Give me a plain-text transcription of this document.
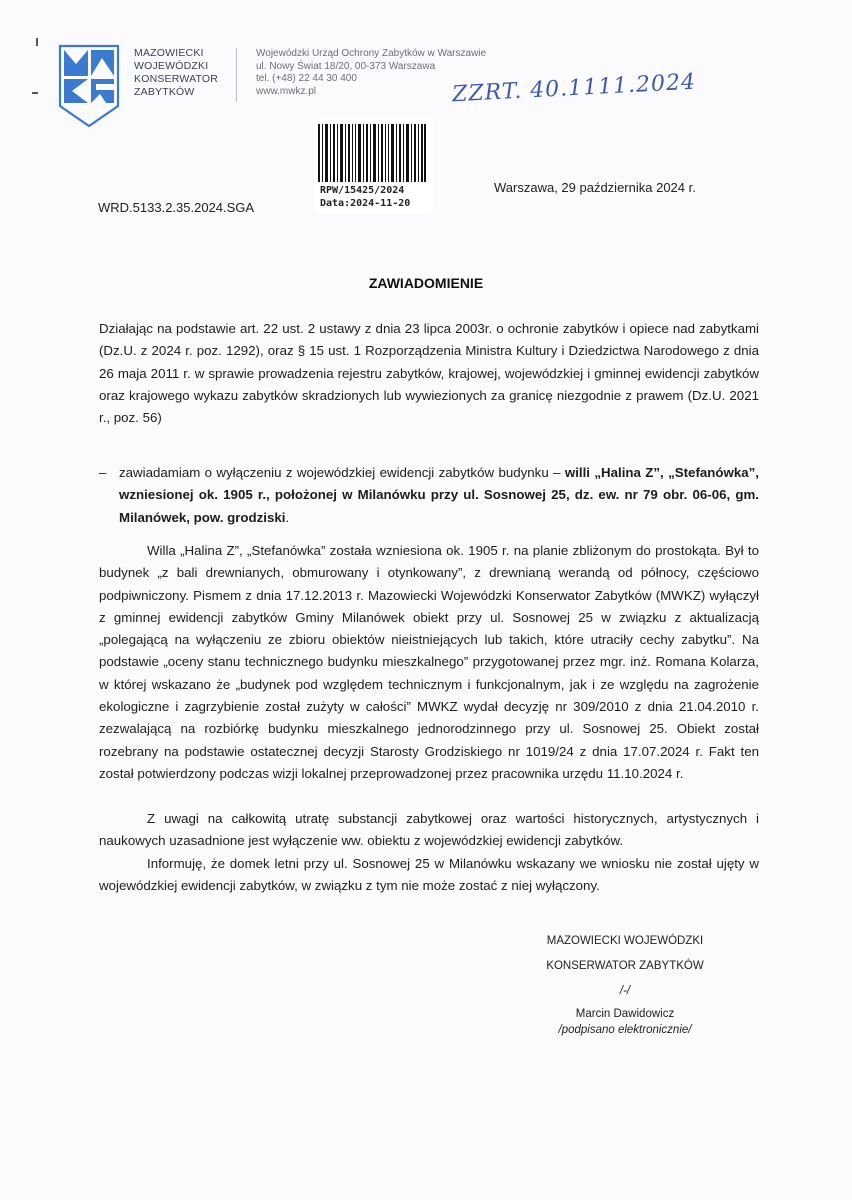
MAZOWIECKI
WOJEWÓDZKI
KONSERWATOR
ZABYTKÓW
Wojewódzki Urząd Ochrony Zabytków w Warszawie
ul. Nowy Świat 18/20, 00-373 Warszawa
tel. (+48) 22 44 30 400
www.mwkz.pl	ZZRT. 40.1111.2024
RPW/15425/2024
Data:2024-11-20
WRD.5133.2.35.2024.SGA
Warszawa, 29 października 2024 r.
ZAWIADOMIENIE
Działając na podstawie art. 22 ust. 2 ustawy z dnia 23 lipca 2003r. o ochronie zabytków i opiece nad zabytkami (Dz.U. z 2024 r. poz. 1292), oraz § 15 ust. 1 Rozporządzenia Ministra Kultury i Dziedzictwa Narodowego z dnia 26 maja 2011 r. w sprawie prowadzenia rejestru zabytków, krajowej, wojewódzkiej i gminnej ewidencji zabytków oraz krajowego wykazu zabytków skradzionych lub wywiezionych za granicę niezgodnie z prawem (Dz.U. 2021 r., poz. 56)
– zawiadamiam o wyłączeniu z wojewódzkiej ewidencji zabytków budynku – willi „Halina Z”, „Stefanówka”, wzniesionej ok. 1905 r., położonej w Milanówku przy ul. Sosnowej 25, dz. ew. nr 79 obr. 06-06, gm. Milanówek, pow. grodziski.
Willa „Halina Z”, „Stefanówka” została wzniesiona ok. 1905 r. na planie zbliżonym do prostokąta. Był to budynek „z bali drewnianych, obmurowany i otynkowany”, z drewnianą werandą od północy, częściowo podpiwniczony. Pismem z dnia 17.12.2013 r. Mazowiecki Wojewódzki Konserwator Zabytków (MWKZ) wyłączył z gminnej ewidencji zabytków Gminy Milanówek obiekt przy ul. Sosnowej 25 w związku z aktualizacją „polegającą na wyłączeniu ze zbioru obiektów nieistniejących lub takich, które utraciły cechy zabytku”. Na podstawie „oceny stanu technicznego budynku mieszkalnego” przygotowanej przez mgr. inż. Romana Kolarza, w której wskazano że „budynek pod względem technicznym i funkcjonalnym, jak i ze względu na zagrożenie ekologiczne i zagrzybienie został zużyty w całości” MWKZ wydał decyzję nr 309/2010 z dnia 21.04.2010 r. zezwalającą na rozbiórkę budynku mieszkalnego jednorodzinnego przy ul. Sosnowej 25. Obiekt został rozebrany na podstawie ostatecznej decyzji Starosty Grodziskiego nr 1019/24 z dnia 17.07.2024 r. Fakt ten został potwierdzony podczas wizji lokalnej przeprowadzonej przez pracownika urzędu 11.10.2024 r.
Z uwagi na całkowitą utratę substancji zabytkowej oraz wartości historycznych, artystycznych i naukowych uzasadnione jest wyłączenie ww. obiektu z wojewódzkiej ewidencji zabytków.
Informuję, że domek letni przy ul. Sosnowej 25 w Milanówku wskazany we wniosku nie został ujęty w wojewódzkiej ewidencji zabytków, w związku z tym nie może zostać z niej wyłączony.
MAZOWIECKI WOJEWÓDZKI
KONSERWATOR ZABYTKÓW
/-/
Marcin Dawidowicz
/podpisano elektronicznie/
